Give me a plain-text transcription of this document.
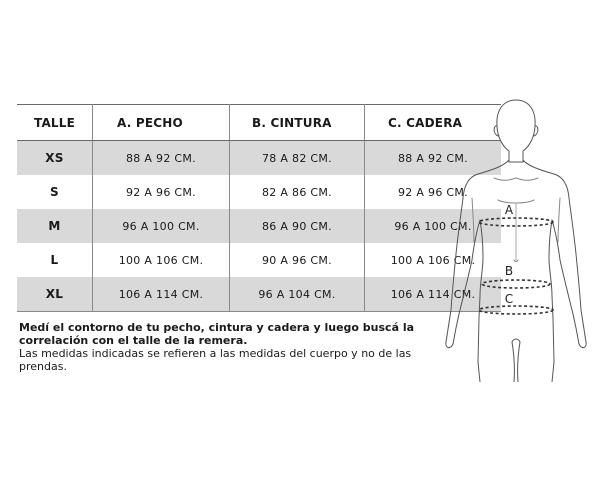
TALLE	A. PECHO	B. CINTURA	C. CADERA
XS	88 A 92 CM.	78 A 82 CM.	88 A 92 CM.
S	92 A 96 CM.	82 A 86 CM.	92 A 96 CM.
M	96 A 100 CM.	86 A 90 CM.	96 A 100 CM.
L	100 A 106 CM.	90 A 96 CM.	100 A 106 CM.
XL	106 A 114 CM.	96 A 104 CM.	106 A 114 CM.
Medí el contorno de tu pecho, cintura y cadera y luego buscá la correlación con el talle de la remera.
Las medidas indicadas se refieren a las medidas del cuerpo y no de las prendas.
A
B
C
